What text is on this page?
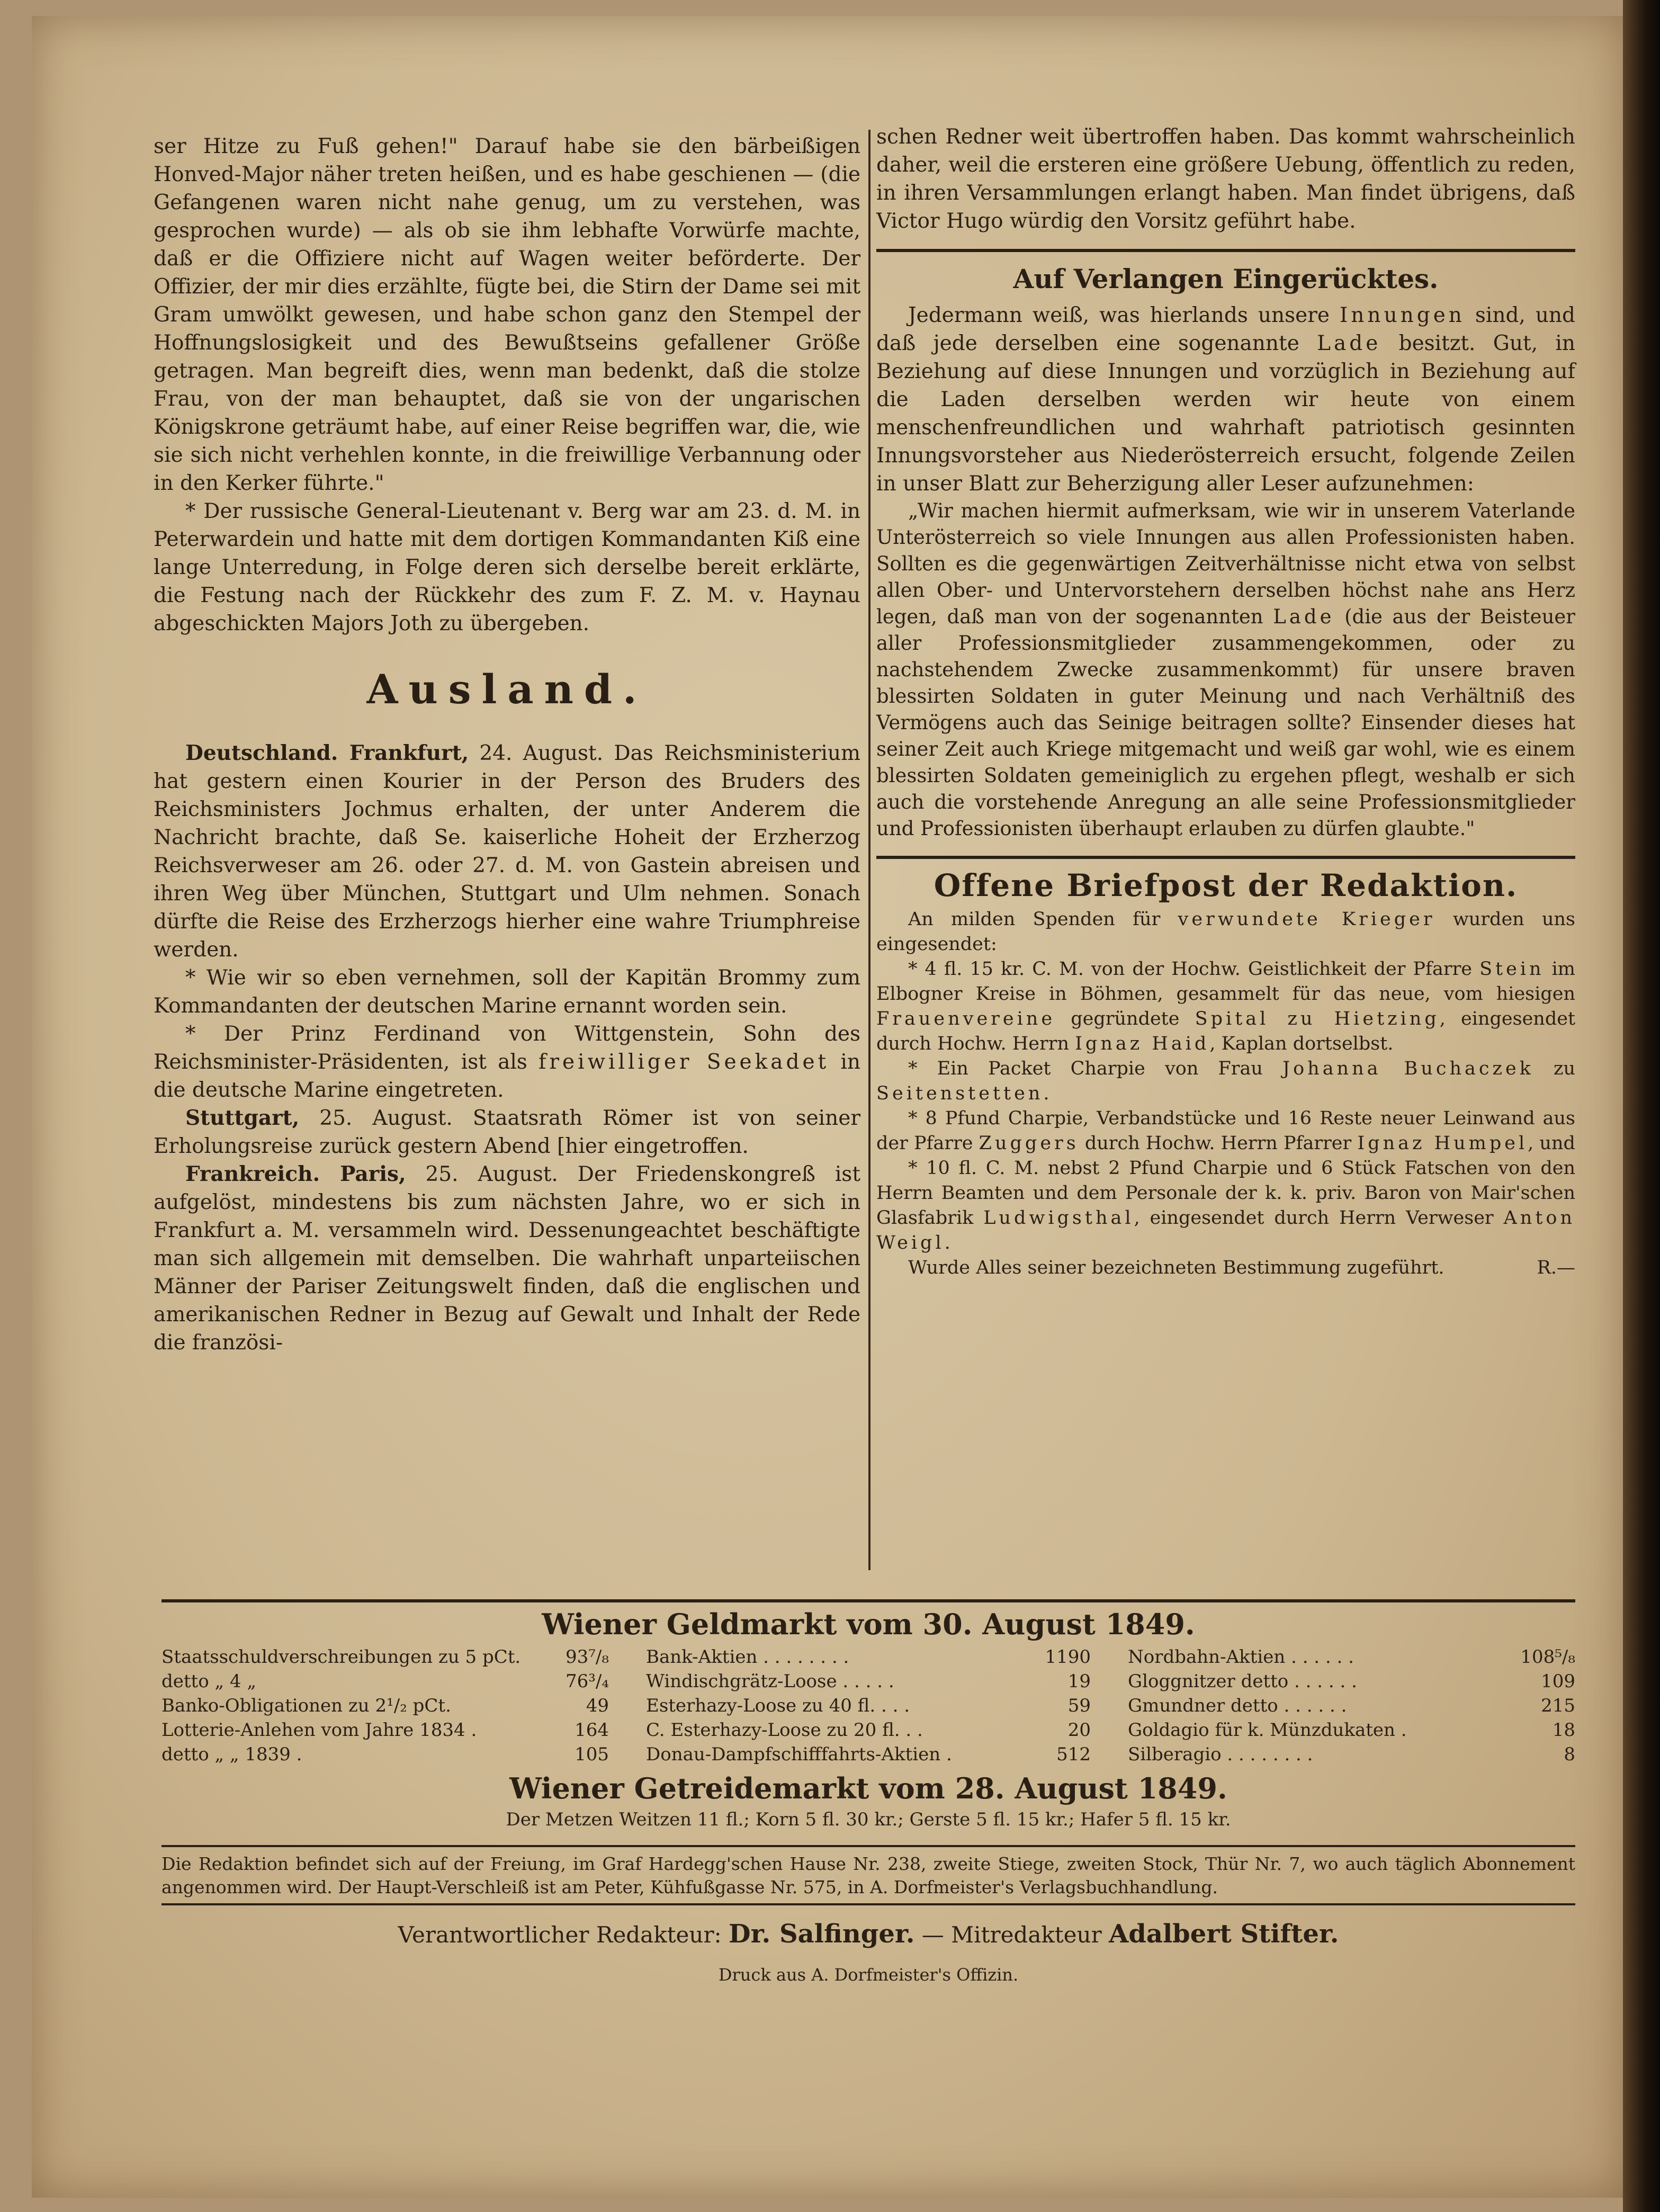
ser Hitze zu Fuß gehen!" Darauf habe sie den bärbeißigen Honved-Major näher treten heißen, und es habe geschienen — (die Gefangenen waren nicht nahe genug, um zu verstehen, was gesprochen wurde) — als ob sie ihm lebhafte Vorwürfe machte, daß er die Offiziere nicht auf Wagen weiter beförderte. Der Offizier, der mir dies erzählte, fügte bei, die Stirn der Dame sei mit Gram umwölkt gewesen, und habe schon ganz den Stempel der Hoffnungslosigkeit und des Bewußtseins gefallener Größe getragen. Man begreift dies, wenn man bedenkt, daß die stolze Frau, von der man behauptet, daß sie von der ungarischen Königskrone geträumt habe, auf einer Reise begriffen war, die, wie sie sich nicht verhehlen konnte, in die freiwillige Verbannung oder in den Kerker führte."

* Der russische General-Lieutenant v. Berg war am 23. d. M. in Peterwardein und hatte mit dem dortigen Kommandanten Kiß eine lange Unterredung, in Folge deren sich derselbe bereit erklärte, die Festung nach der Rückkehr des zum F. Z. M. v. Haynau abgeschickten Majors Joth zu übergeben.

Ausland.

Deutschland. Frankfurt, 24. August. Das Reichsministerium hat gestern einen Kourier in der Person des Bruders des Reichsministers Jochmus erhalten, der unter Anderem die Nachricht brachte, daß Se. kaiserliche Hoheit der Erzherzog Reichsverweser am 26. oder 27. d. M. von Gastein abreisen und ihren Weg über München, Stuttgart und Ulm nehmen. Sonach dürfte die Reise des Erzherzogs hierher eine wahre Triumphreise werden.

* Wie wir so eben vernehmen, soll der Kapitän Brommy zum Kommandanten der deutschen Marine ernannt worden sein.

* Der Prinz Ferdinand von Wittgenstein, Sohn des Reichsminister-Präsidenten, ist als freiwilliger Seekadet in die deutsche Marine eingetreten.

Stuttgart, 25. August. Staatsrath Römer ist von seiner Erholungsreise zurück gestern Abend [hier eingetroffen.

Frankreich. Paris, 25. August. Der Friedenskongreß ist aufgelöst, mindestens bis zum nächsten Jahre, wo er sich in Frankfurt a. M. versammeln wird. Dessenungeachtet beschäftigte man sich allgemein mit demselben. Die wahrhaft unparteiischen Männer der Pariser Zeitungswelt finden, daß die englischen und amerikanischen Redner in Bezug auf Gewalt und Inhalt der Rede die französi-

schen Redner weit übertroffen haben. Das kommt wahrscheinlich daher, weil die ersteren eine größere Uebung, öffentlich zu reden, in ihren Versammlungen erlangt haben. Man findet übrigens, daß Victor Hugo würdig den Vorsitz geführt habe.

Auf Verlangen Eingerücktes.

Jedermann weiß, was hierlands unsere Innungen sind, und daß jede derselben eine sogenannte Lade besitzt. Gut, in Beziehung auf diese Innungen und vorzüglich in Beziehung auf die Laden derselben werden wir heute von einem menschenfreundlichen und wahrhaft patriotisch gesinnten Innungsvorsteher aus Niederösterreich ersucht, folgende Zeilen in unser Blatt zur Beherzigung aller Leser aufzunehmen:

„Wir machen hiermit aufmerksam, wie wir in unserem Vaterlande Unterösterreich so viele Innungen aus allen Professionisten haben. Sollten es die gegenwärtigen Zeitverhältnisse nicht etwa von selbst allen Ober- und Untervorstehern derselben höchst nahe ans Herz legen, daß man von der sogenannten Lade (die aus der Beisteuer aller Professionsmitglieder zusammengekommen, oder zu nachstehendem Zwecke zusammenkommt) für unsere braven blessirten Soldaten in guter Meinung und nach Verhältniß des Vermögens auch das Seinige beitragen sollte? Einsender dieses hat seiner Zeit auch Kriege mitgemacht und weiß gar wohl, wie es einem blessirten Soldaten gemeiniglich zu ergehen pflegt, weshalb er sich auch die vorstehende Anregung an alle seine Professionsmitglieder und Professionisten überhaupt erlauben zu dürfen glaubte."

Offene Briefpost der Redaktion.

An milden Spenden für verwundete Krieger wurden uns eingesendet:

* 4 fl. 15 kr. C. M. von der Hochw. Geistlichkeit der Pfarre Stein im Elbogner Kreise in Böhmen, gesammelt für das neue, vom hiesigen Frauenvereine gegründete Spital zu Hietzing, eingesendet durch Hochw. Herrn Ignaz Haid, Kaplan dortselbst.

* Ein Packet Charpie von Frau Johanna Buchaczek zu Seitenstetten.

* 8 Pfund Charpie, Verbandstücke und 16 Reste neuer Leinwand aus der Pfarre Zuggers durch Hochw. Herrn Pfarrer Ignaz Humpel, und

* 10 fl. C. M. nebst 2 Pfund Charpie und 6 Stück Fatschen von den Herrn Beamten und dem Personale der k. k. priv. Baron von Mair'schen Glasfabrik Ludwigsthal, eingesendet durch Herrn Verweser Anton Weigl.

Wurde Alles seiner bezeichneten Bestimmung zugeführt.	R.—

Wiener Geldmarkt vom 30. August 1849.
Staatsschuldverschreibungen zu 5 pCt.	93⁷/₈
detto „ 4 „	76³/₄
Banko-Obligationen zu 2¹/₂ pCt.	49
Lotterie-Anlehen vom Jahre 1834 .	164
detto „ „ 1839 .	105
Bank-Aktien . . . . . . . .	1190
Windischgrätz-Loose . . . . .	19
Esterhazy-Loose zu 40 fl. . . .	59
C. Esterhazy-Loose zu 20 fl. . .	20
Donau-Dampfschifffahrts-Aktien .	512
Nordbahn-Aktien . . . . . .	108⁵/₈
Gloggnitzer detto . . . . . .	109
Gmundner detto . . . . . .	215
Goldagio für k. Münzdukaten .	18
Silberagio . . . . . . . .	8
Wiener Getreidemarkt vom 28. August 1849.
Der Metzen Weitzen 11 fl.; Korn 5 fl. 30 kr.; Gerste 5 fl. 15 kr.; Hafer 5 fl. 15 kr.
Die Redaktion befindet sich auf der Freiung, im Graf Hardegg'schen Hause Nr. 238, zweite Stiege, zweiten Stock, Thür Nr. 7, wo auch täglich Abonnement angenommen wird. Der Haupt-Verschleiß ist am Peter, Kühfußgasse Nr. 575, in A. Dorfmeister's Verlagsbuchhandlung.
Verantwortlicher Redakteur: Dr. Salfinger. — Mitredakteur Adalbert Stifter.
Druck aus A. Dorfmeister's Offizin.
